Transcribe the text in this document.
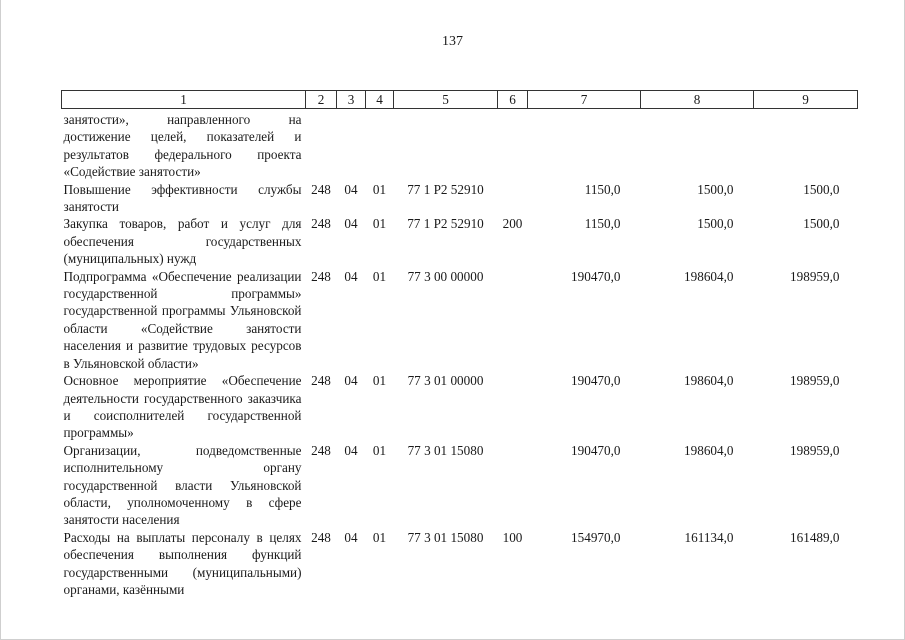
137
1	2	3	4	5	6	7	8	9
занятости», направленного на достижение целей, показателей и результатов федерального проекта «Содействие занятости»								
Повышение эффективности службы занятости	248	04	01	77 1 P2 52910		1150,0	1500,0	1500,0
Закупка товаров, работ и услуг для обеспечения государственных (муниципальных) нужд	248	04	01	77 1 P2 52910	200	1150,0	1500,0	1500,0
Подпрограмма «Обеспечение реализации государственной программы» государственной программы Ульяновской области «Содействие занятости населения и развитие трудовых ресурсов в Ульяновской области»	248	04	01	77 3 00 00000		190470,0	198604,0	198959,0
Основное мероприятие «Обеспечение деятельности государственного заказчика и соисполнителей государственной программы»	248	04	01	77 3 01 00000		190470,0	198604,0	198959,0
Организации, подведомственные исполнительному органу государственной власти Ульяновской области, уполномоченному в сфере занятости населения	248	04	01	77 3 01 15080		190470,0	198604,0	198959,0
Расходы на выплаты персоналу в целях обеспечения выполнения функций государственными (муниципальными) органами, казёнными	248	04	01	77 3 01 15080	100	154970,0	161134,0	161489,0
